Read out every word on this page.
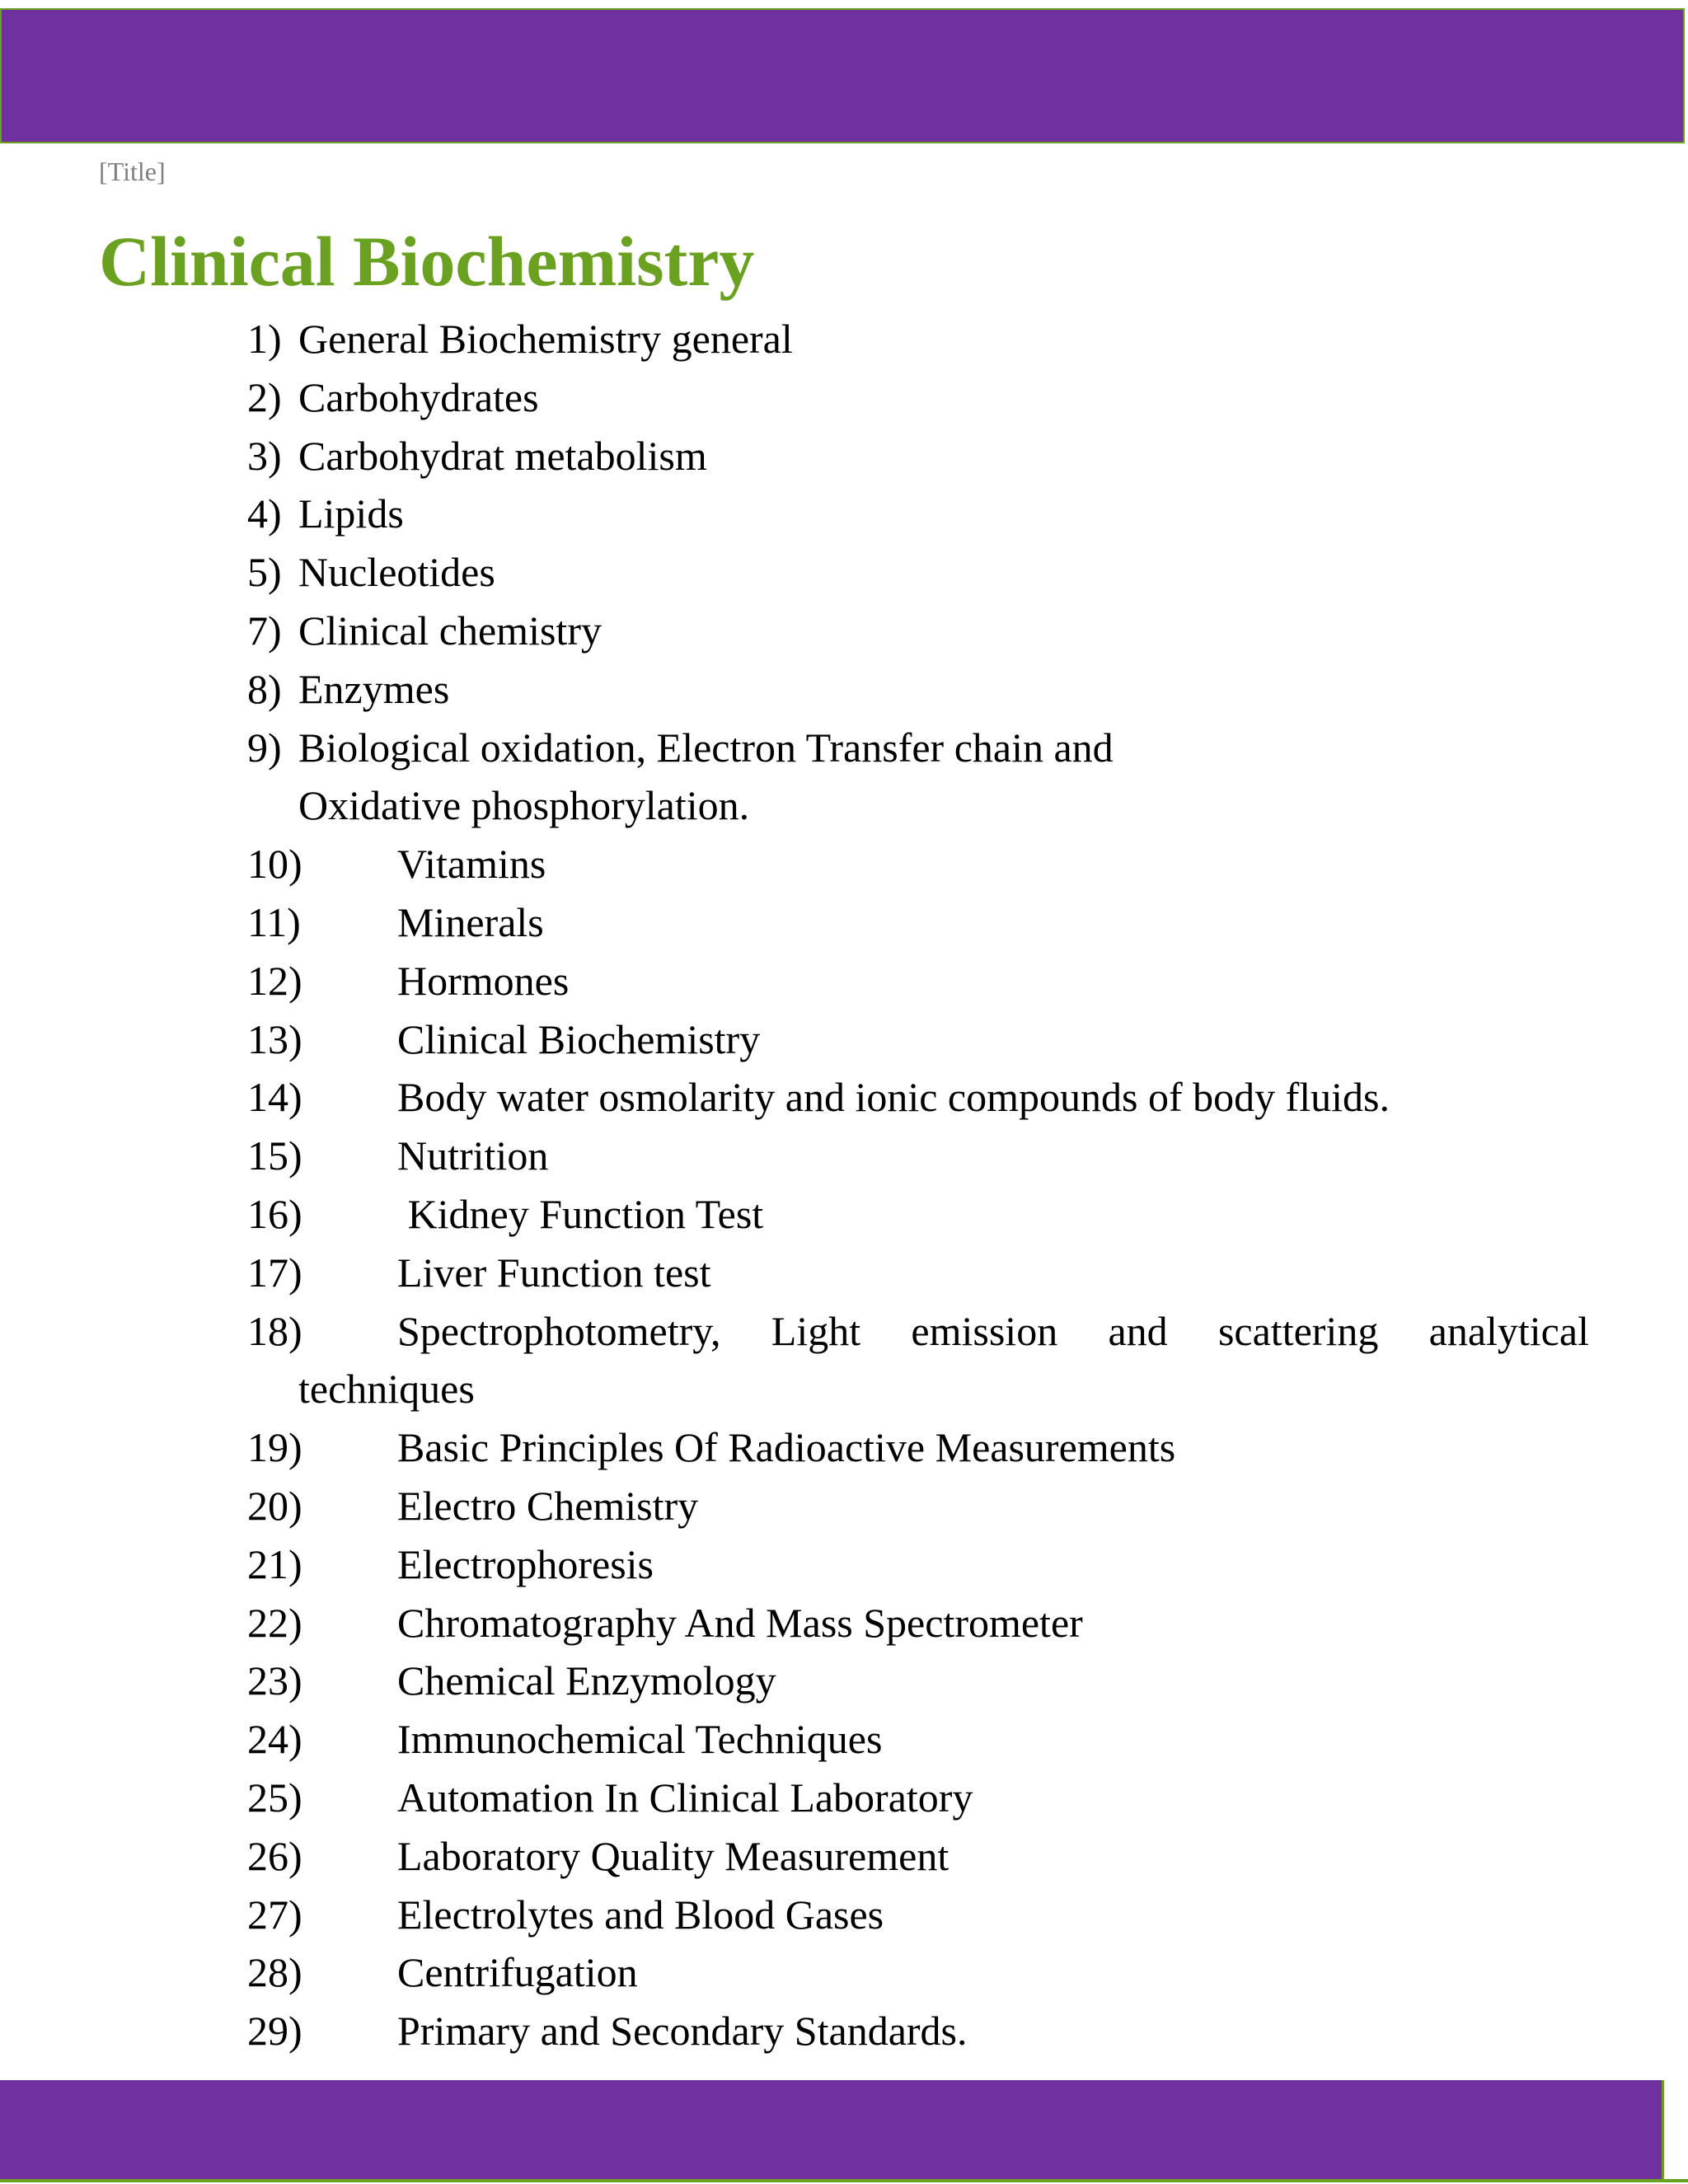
[Title]
Clinical Biochemistry
1) General Biochemistry general
2) Carbohydrates
3) Carbohydrat metabolism
4) Lipids
5) Nucleotides
7) Clinical chemistry
8) Enzymes
9) Biological oxidation, Electron Transfer chain and
Oxidative phosphorylation.
10) Vitamins
11) Minerals
12) Hormones
13) Clinical Biochemistry
14) Body water osmolarity and ionic compounds of body fluids.
15) Nutrition
16) Kidney Function Test
17) Liver Function test
18) Spectrophotometry, Light emission and scattering analytical
techniques
19) Basic Principles Of Radioactive Measurements
20) Electro Chemistry
21) Electrophoresis
22) Chromatography And Mass Spectrometer
23) Chemical Enzymology
24) Immunochemical Techniques
25) Automation In Clinical Laboratory
26) Laboratory Quality Measurement
27) Electrolytes and Blood Gases
28) Centrifugation
29) Primary and Secondary Standards.
